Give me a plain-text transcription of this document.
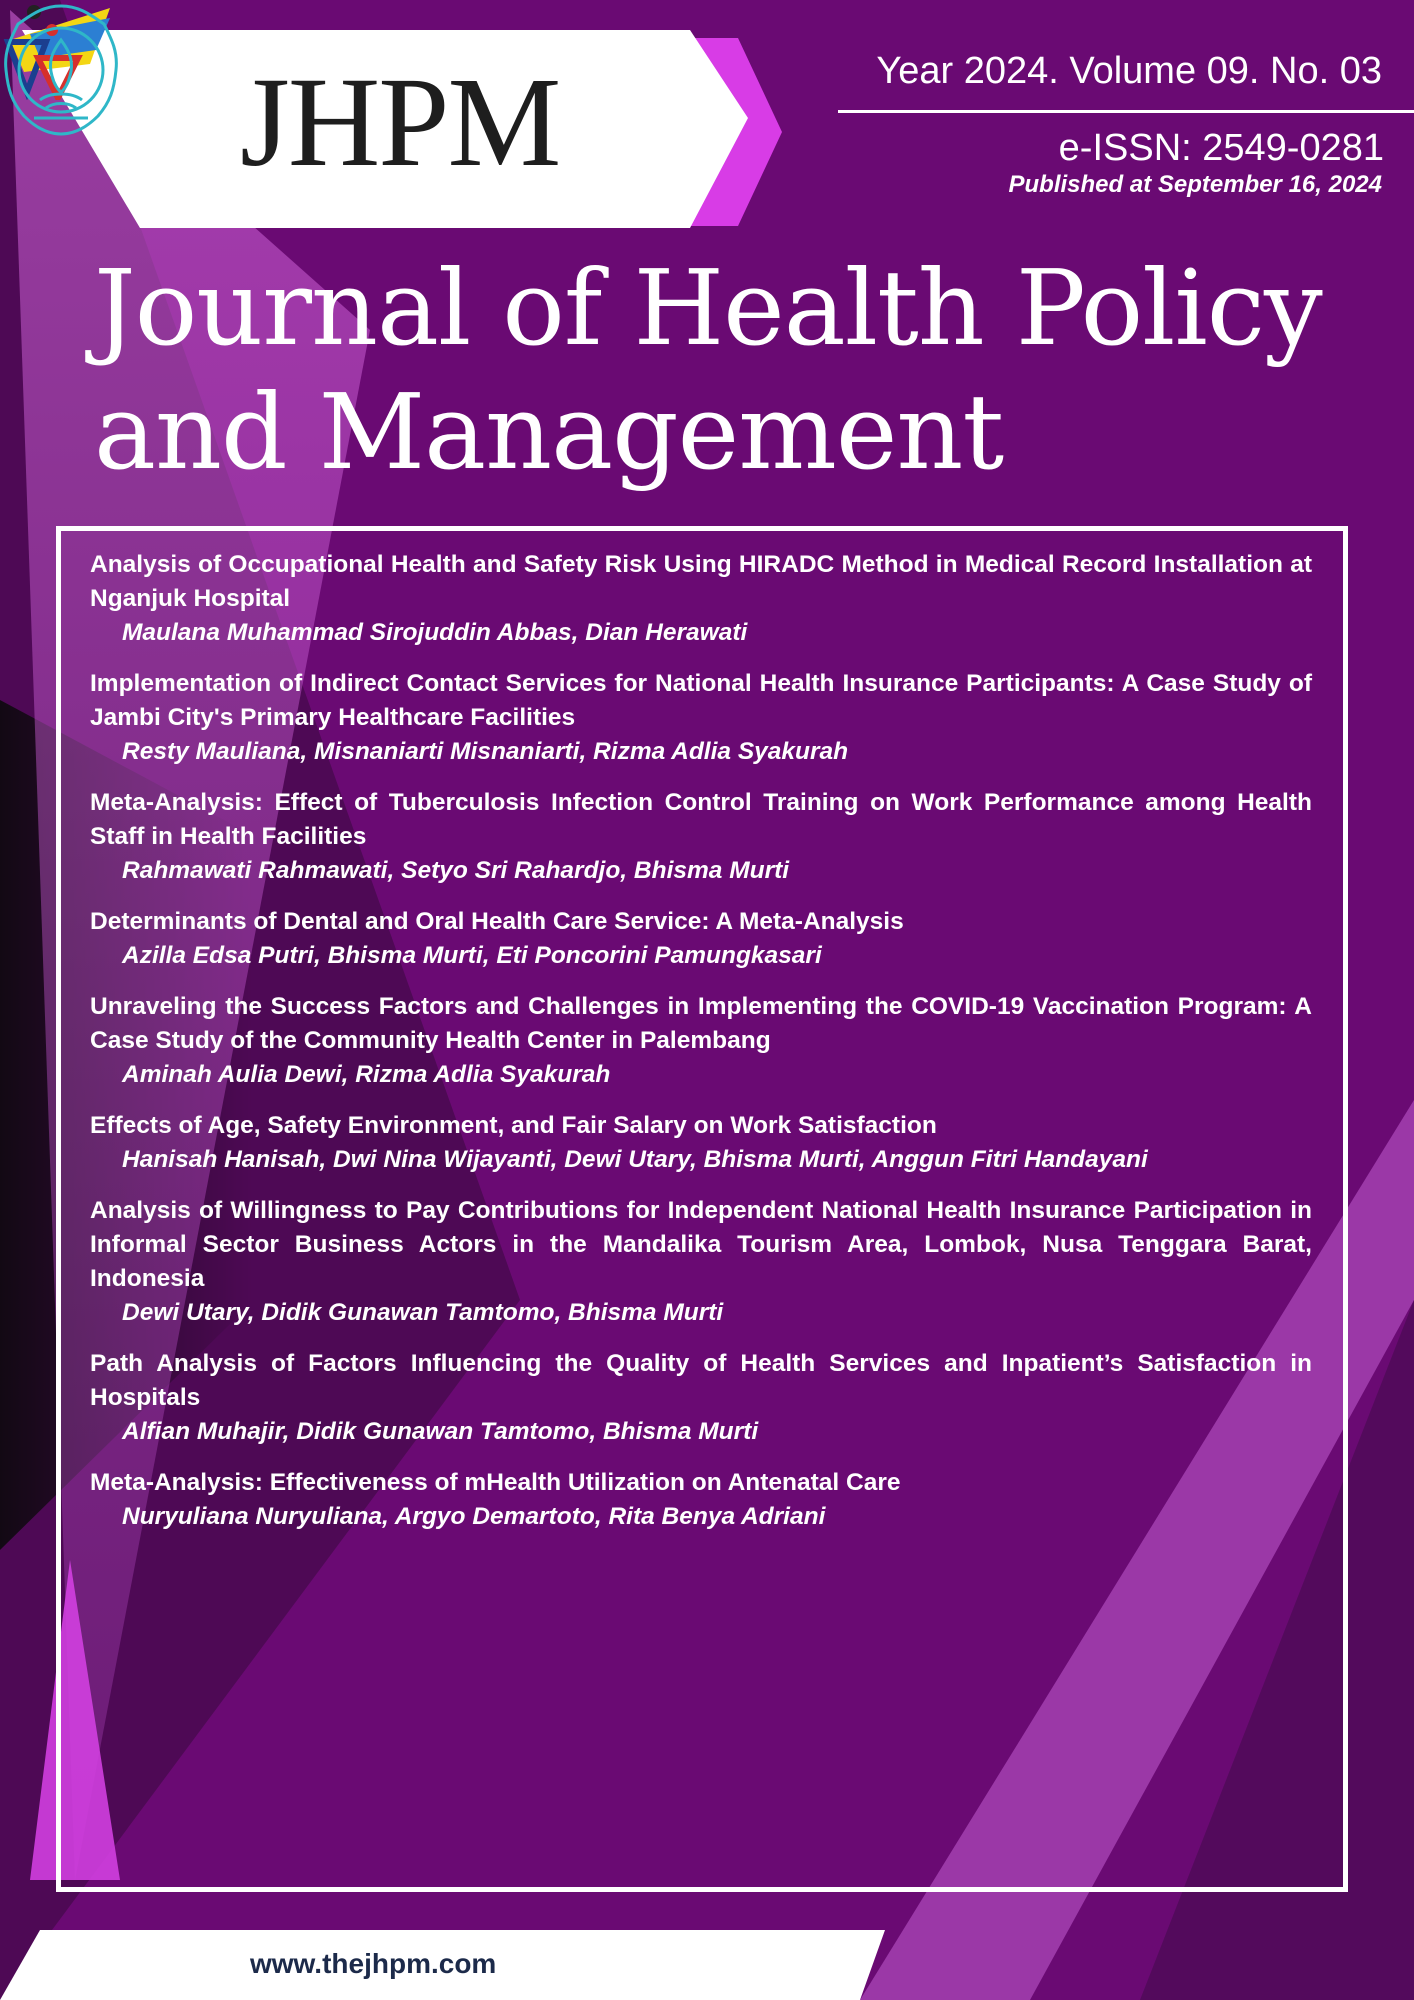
JHPM	Year 2024. Volume 09. No. 03
e-ISSN: 2549-0281
Published at September 16, 2024
Journal of Health Policy
and Management
Analysis of Occupational Health and Safety Risk Using HIRADC Method in Medical Record Installation at Nganjuk Hospital
Maulana Muhammad Sirojuddin Abbas, Dian Herawati
Implementation of Indirect Contact Services for National Health Insurance Participants: A Case Study of Jambi City's Primary Healthcare Facilities
Resty Mauliana, Misnaniarti Misnaniarti, Rizma Adlia Syakurah
Meta-Analysis: Effect of Tuberculosis Infection Control Training on Work Performance among Health Staff in Health Facilities
Rahmawati Rahmawati, Setyo Sri Rahardjo, Bhisma Murti
Determinants of Dental and Oral Health Care Service: A Meta-Analysis
Azilla Edsa Putri, Bhisma Murti, Eti Poncorini Pamungkasari
Unraveling the Success Factors and Challenges in Implementing the COVID-19 Vaccination Program: A Case Study of the Community Health Center in Palembang
Aminah Aulia Dewi, Rizma Adlia Syakurah
Effects of Age, Safety Environment, and Fair Salary on Work Satisfaction
Hanisah Hanisah, Dwi Nina Wijayanti, Dewi Utary, Bhisma Murti, Anggun Fitri Handayani
Analysis of Willingness to Pay Contributions for Independent National Health Insurance Participation in Informal Sector Business Actors in the Mandalika Tourism Area, Lombok, Nusa Tenggara Barat, Indonesia
Dewi Utary, Didik Gunawan Tamtomo, Bhisma Murti
Path Analysis of Factors Influencing the Quality of Health Services and Inpatient’s Satisfaction in Hospitals
Alfian Muhajir, Didik Gunawan Tamtomo, Bhisma Murti
Meta-Analysis: Effectiveness of mHealth Utilization on Antenatal Care
Nuryuliana Nuryuliana, Argyo Demartoto, Rita Benya Adriani
www.thejhpm.com
